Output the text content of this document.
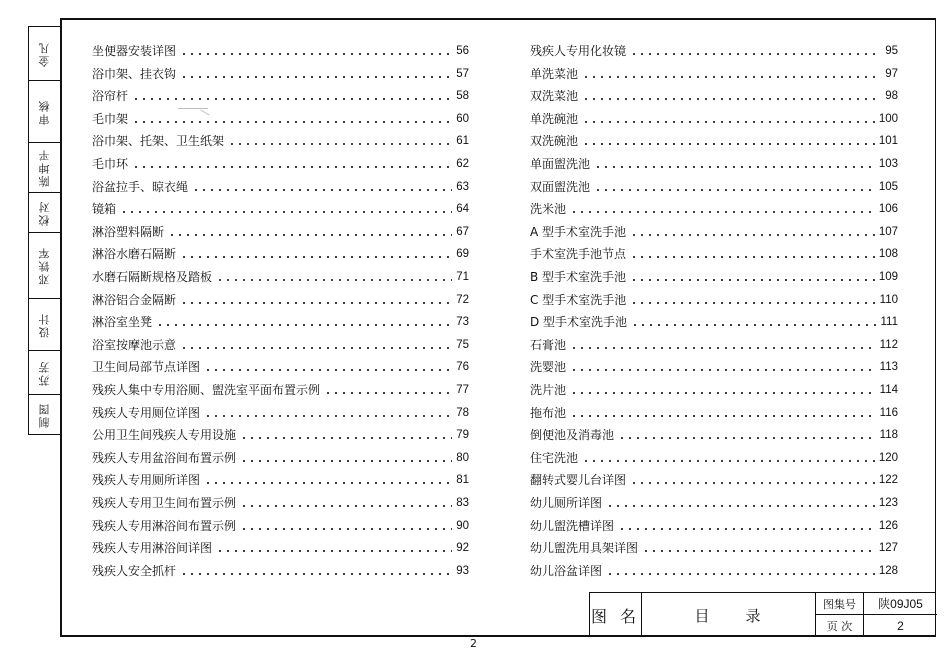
金凡
审核
陈坤平
校对
邓铁军
设计
苏芳
制图
坐便器安装详图	56
浴巾架、挂衣钩	57
浴帘杆	58
毛巾架	60
浴巾架、托架、卫生纸架	61
毛巾环	62
浴盆拉手、晾衣绳	63
镜箱	64
淋浴塑料隔断	67
淋浴水磨石隔断	69
水磨石隔断规格及踏板	71
淋浴铝合金隔断	72
淋浴室坐凳	73
浴室按摩池示意	75
卫生间局部节点详图	76
残疾人集中专用浴厕、盥洗室平面布置示例	77
残疾人专用厕位详图	78
公用卫生间残疾人专用设施	79
残疾人专用盆浴间布置示例	80
残疾人专用厕所详图	81
残疾人专用卫生间布置示例	83
残疾人专用淋浴间布置示例	90
残疾人专用淋浴间详图	92
残疾人安全抓杆	93
残疾人专用化妆镜	95
单洗菜池	97
双洗菜池	98
单洗碗池	100
双洗碗池	101
单面盥洗池	103
双面盥洗池	105
洗米池	106
A 型手术室洗手池	107
手术室洗手池节点	108
B 型手术室洗手池	109
C 型手术室洗手池	110
D 型手术室洗手池	111
石膏池	112
洗婴池	113
洗片池	114
拖布池	116
倒便池及消毒池	118
住宅洗池	120
翻转式婴儿台详图	122
幼儿厕所详图	123
幼儿盥洗槽详图	126
幼儿盥洗用具架详图	127
幼儿浴盆详图	128
图 名	目　　录
图集号	陕09J05
页 次	2
2
